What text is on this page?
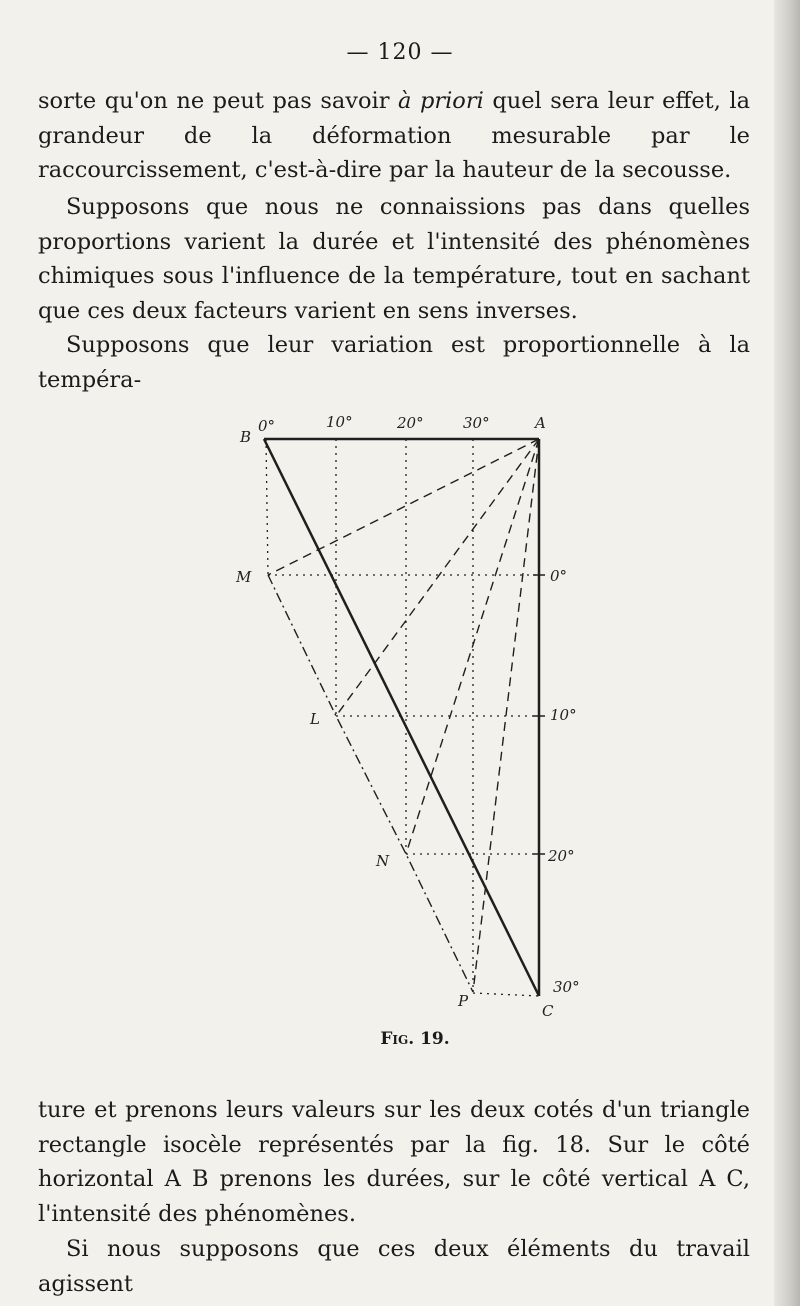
— 120 —

sorte qu'on ne peut pas savoir à priori quel sera leur effet, la grandeur de la déformation mesurable par le raccourcissement, c'est-à-dire par la hauteur de la secousse.

Supposons que nous ne connaissions pas dans quelles proportions varient la durée et l'intensité des phénomènes chimiques sous l'influence de la température, tout en sachant que ces deux facteurs varient en sens inverses.

Supposons que leur variation est proportionnelle à la tempéra-

B
A
M
L
N
P
C
0°	10°	20°	30°
0°
10°
20°
30°
Fig. 19.

ture et prenons leurs valeurs sur les deux cotés d'un triangle rectangle isocèle représentés par la fig. 18. Sur le côté horizontal A B prenons les durées, sur le côté vertical A C, l'intensité des phénomènes.

Si nous supposons que ces deux éléments du travail agissent
